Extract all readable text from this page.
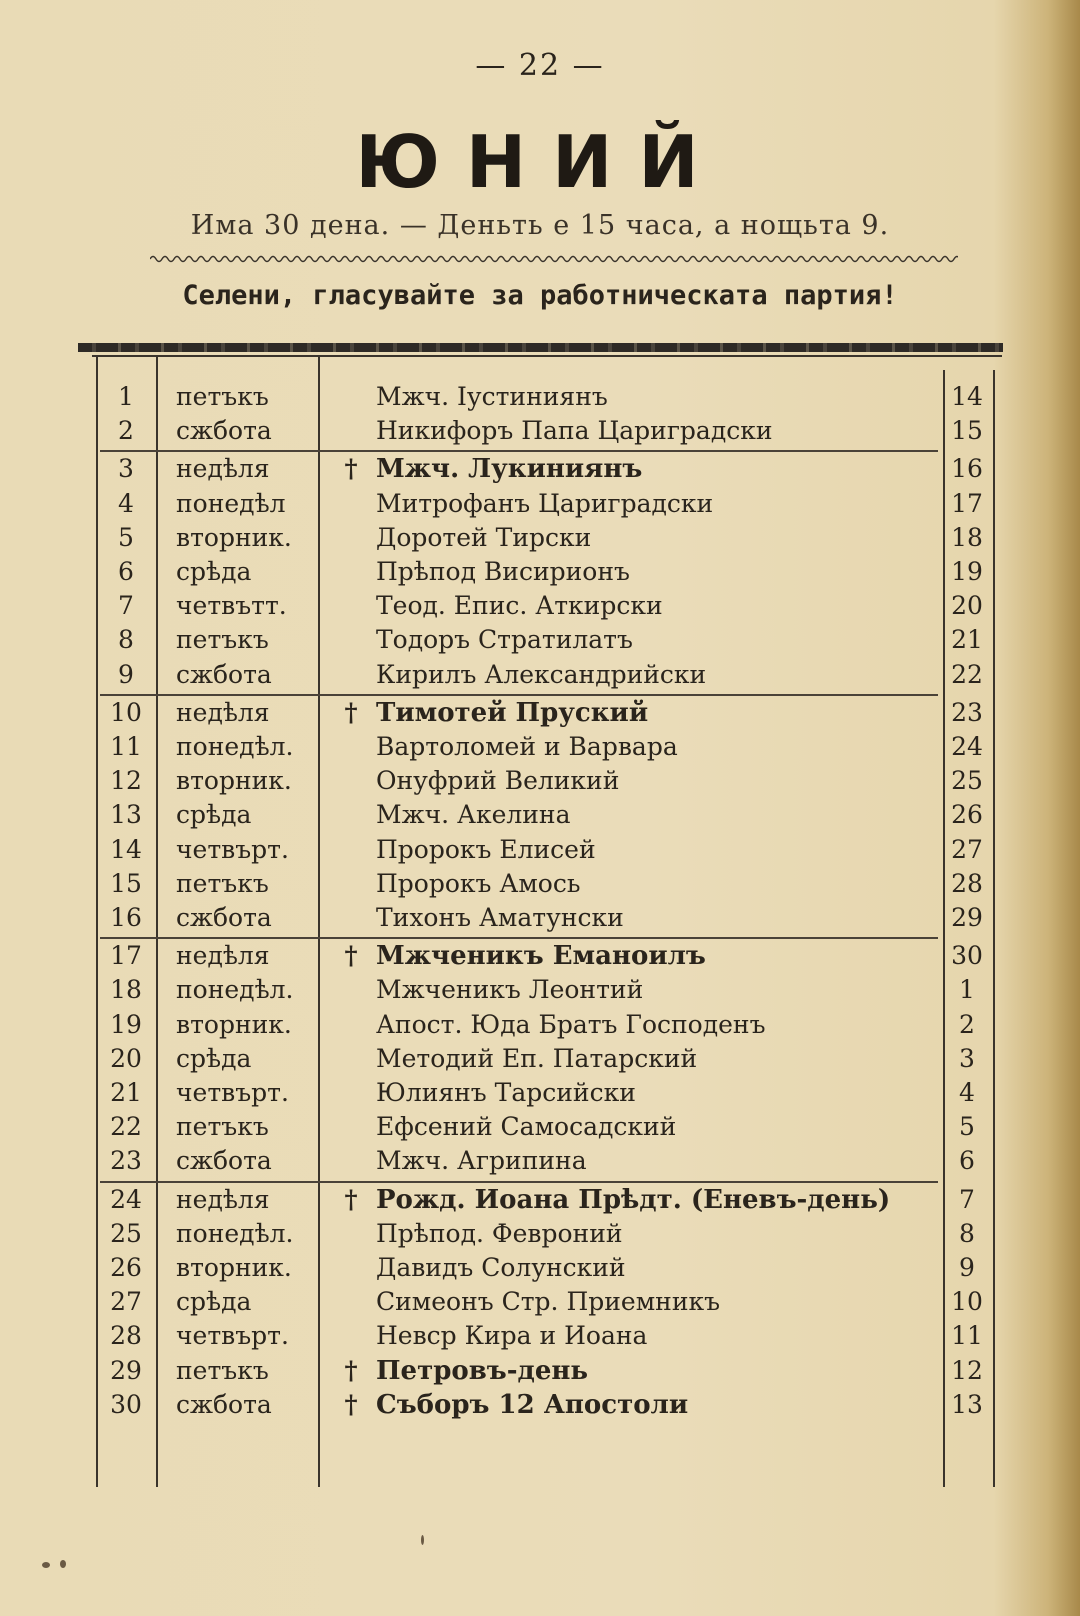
— 22 —
ЮНИЙ
Има 30 дена. — Деньть е 15 часа, а нощьта 9.
Селени, гласувайте за работническата партия!
1	петъкъ	Мжч. Іустиниянъ	14
2	сжбота	Никифоръ Папа Цариградски	15
3	недѣля	† Мжч. Лукиниянъ	16
4	понедѣл	Митрофанъ Цариградски	17
5	вторник.	Доротей Тирски	18
6	срѣда	Прѣпод Висирионъ	19
7	четвътт.	Теод. Епис. Аткирски	20
8	петъкъ	Тодоръ Стратилатъ	21
9	сжбота	Кирилъ Александрийски	22
10	недѣля	† Тимотей Пруский	23
11	понедѣл.	Вартоломей и Варвара	24
12	вторник.	Онуфрий Великий	25
13	срѣда	Мжч. Акелина	26
14	четвърт.	Пророкъ Елисей	27
15	петъкъ	Пророкъ Амось	28
16	сжбота	Тихонъ Аматунски	29
17	недѣля	† Мжченикъ Еманоилъ	30
18	понедѣл.	Мжченикъ Леонтий	1
19	вторник.	Апост. Юда Братъ Господенъ	2
20	срѣда	Методий Еп. Патарский	3
21	четвърт.	Юлиянъ Тарсийски	4
22	петъкъ	Ефсений Самосадский	5
23	сжбота	Мжч. Агрипина	6
24	недѣля	† Рожд. Иоана Прѣдт. (Еневъ-день)	7
25	понедѣл.	Прѣпод. Февроний	8
26	вторник.	Давидъ Солунский	9
27	срѣда	Симеонъ Стр. Приемникъ	10
28	четвърт.	Невср Кира и Иоана	11
29	петъкъ	† Петровъ-день	12
30	сжбота	† Съборъ 12 Апостоли	13
